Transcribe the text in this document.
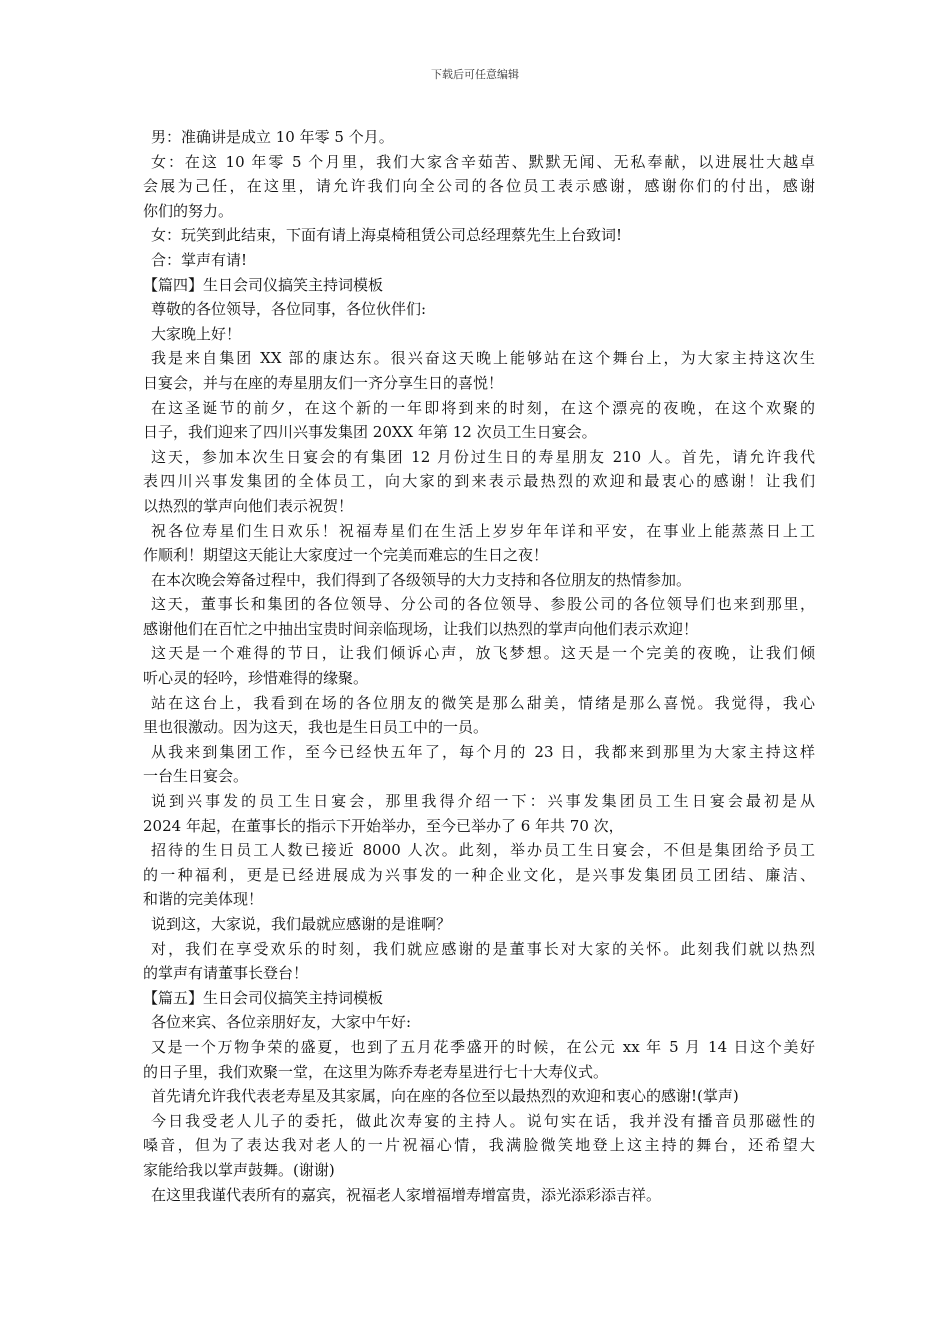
下载后可任意编辑
男：准确讲是成立 10 年零 5 个月。
女：在这 10 年零 5 个月里，我们大家含辛茹苦、默默无闻、无私奉献，以进展壮大越卓
会展为己任，在这里，请允许我们向全公司的各位员工表示感谢，感谢你们的付出，感谢
你们的努力。
女：玩笑到此结束，下面有请上海桌椅租赁公司总经理蔡先生上台致词!
合：掌声有请!
【篇四】生日会司仪搞笑主持词模板
尊敬的各位领导，各位同事，各位伙伴们:
大家晚上好！
我是来自集团 XX 部的康达东。很兴奋这天晚上能够站在这个舞台上，为大家主持这次生
日宴会，并与在座的寿星朋友们一齐分享生日的喜悦！
在这圣诞节的前夕，在这个新的一年即将到来的时刻，在这个漂亮的夜晚，在这个欢聚的
日子，我们迎来了四川兴事发集团 20XX 年第 12 次员工生日宴会。
这天，参加本次生日宴会的有集团 12 月份过生日的寿星朋友 210 人。首先，请允许我代
表四川兴事发集团的全体员工，向大家的到来表示最热烈的欢迎和最衷心的感谢！让我们
以热烈的掌声向他们表示祝贺！
祝各位寿星们生日欢乐！祝福寿星们在生活上岁岁年年详和平安，在事业上能蒸蒸日上工
作顺利！期望这天能让大家度过一个完美而难忘的生日之夜！
在本次晚会筹备过程中，我们得到了各级领导的大力支持和各位朋友的热情参加。
这天，董事长和集团的各位领导、分公司的各位领导、参股公司的各位领导们也来到那里，
感谢他们在百忙之中抽出宝贵时间亲临现场，让我们以热烈的掌声向他们表示欢迎！
这天是一个难得的节日，让我们倾诉心声，放飞梦想。这天是一个完美的夜晚，让我们倾
听心灵的轻吟，珍惜难得的缘聚。
站在这台上，我看到在场的各位朋友的微笑是那么甜美，情绪是那么喜悦。我觉得，我心
里也很激动。因为这天，我也是生日员工中的一员。
从我来到集团工作，至今已经快五年了，每个月的 23 日，我都来到那里为大家主持这样
一台生日宴会。
说到兴事发的员工生日宴会，那里我得介绍一下：兴事发集团员工生日宴会最初是从
2024 年起，在董事长的指示下开始举办，至今已举办了 6 年共 70 次，
招待的生日员工人数已接近 8000 人次。此刻，举办员工生日宴会，不但是集团给予员工
的一种福利，更是已经进展成为兴事发的一种企业文化，是兴事发集团员工团结、廉洁、
和谐的完美体现！
说到这，大家说，我们最就应感谢的是谁啊？
对，我们在享受欢乐的时刻，我们就应感谢的是董事长对大家的关怀。此刻我们就以热烈
的掌声有请董事长登台！
【篇五】生日会司仪搞笑主持词模板
各位来宾、各位亲朋好友，大家中午好:
又是一个万物争荣的盛夏，也到了五月花季盛开的时候，在公元 xx 年 5 月 14 日这个美好
的日子里，我们欢聚一堂，在这里为陈乔寿老寿星进行七十大寿仪式。
首先请允许我代表老寿星及其家属，向在座的各位至以最热烈的欢迎和衷心的感谢!(掌声)
今日我受老人儿子的委托，做此次寿宴的主持人。说句实在话，我并没有播音员那磁性的
嗓音，但为了表达我对老人的一片祝福心情，我满脸微笑地登上这主持的舞台，还希望大
家能给我以掌声鼓舞。(谢谢)
在这里我谨代表所有的嘉宾，祝福老人家增福增寿增富贵，添光添彩添吉祥。
